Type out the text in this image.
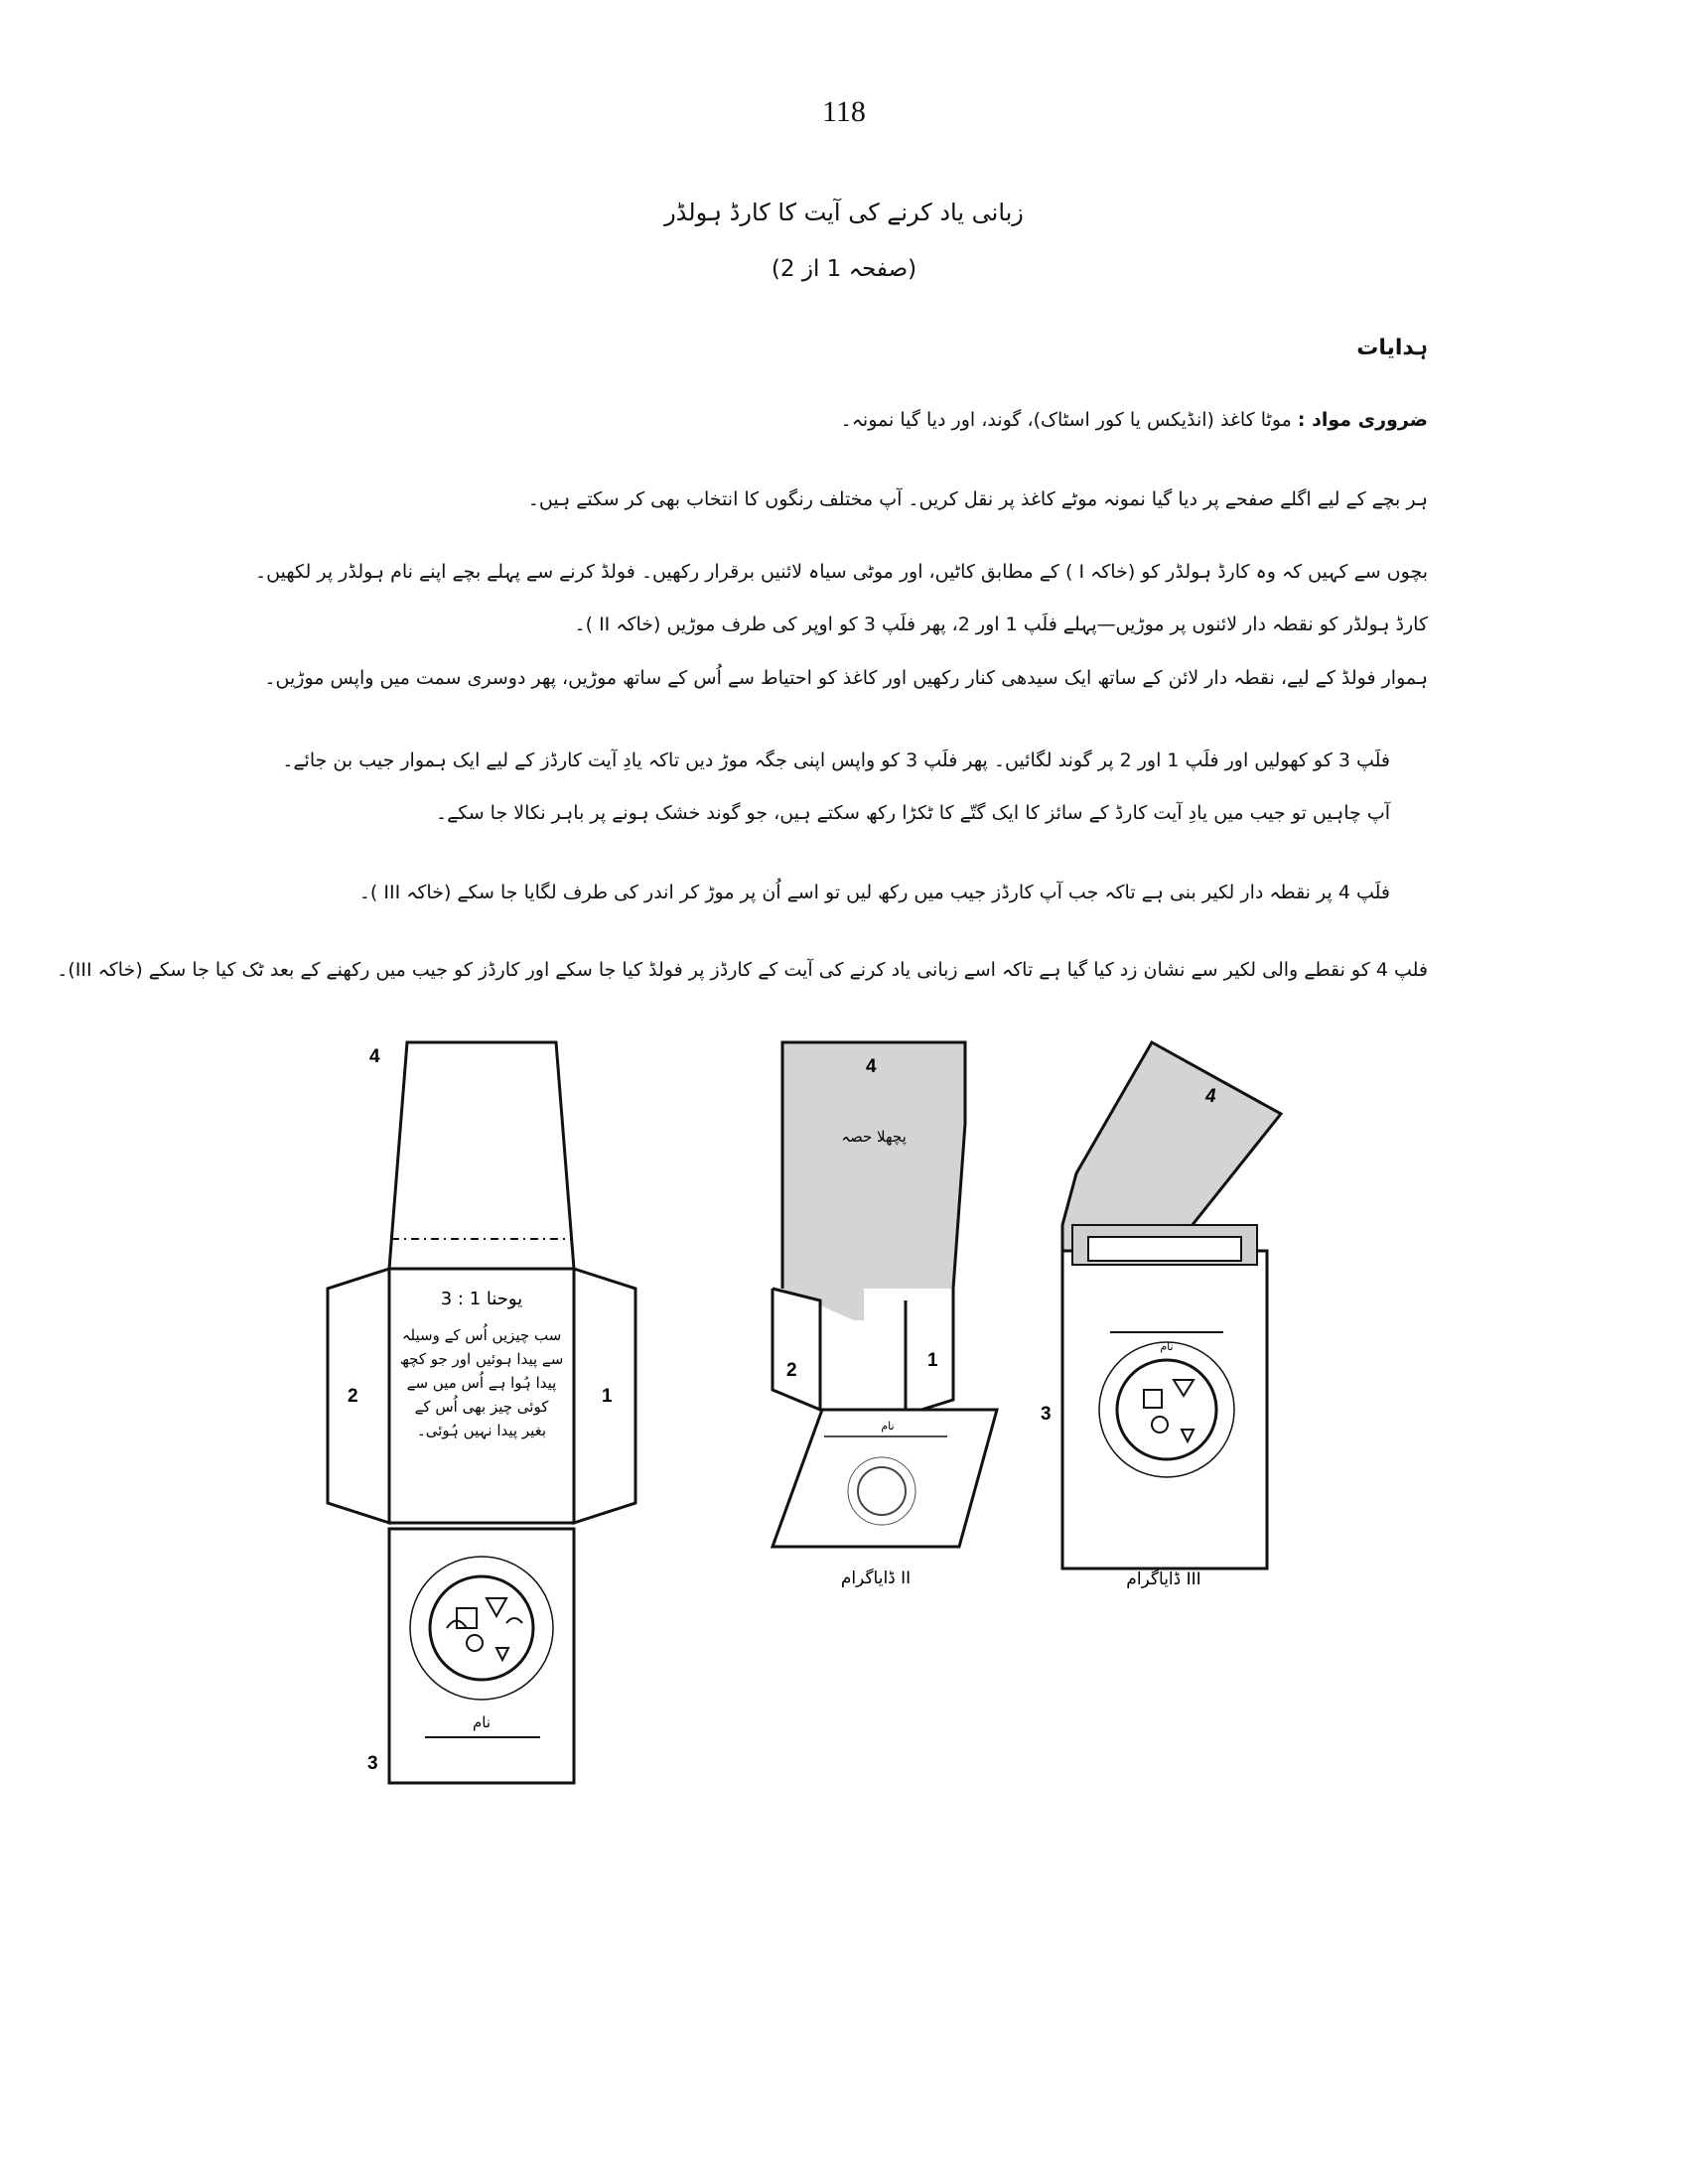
118
زبانی یاد کرنے کی آیت کا کارڈ ہولڈر
(صفحہ 1 از 2)
ہدایات
ضروری مواد : موٹا کاغذ (انڈیکس یا کور اسٹاک)، گوند، اور دیا گیا نمونہ۔
ہر بچے کے لیے اگلے صفحے پر دیا گیا نمونہ موٹے کاغذ پر نقل کریں۔ آپ مختلف رنگوں کا انتخاب بھی کر سکتے ہیں۔
بچوں سے کہیں کہ وہ کارڈ ہولڈر کو (خاکہ I ) کے مطابق کاٹیں، اور موٹی سیاہ لائنیں برقرار رکھیں۔ فولڈ کرنے سے پہلے بچے اپنے نام ہولڈر پر لکھیں۔
کارڈ ہولڈر کو نقطہ دار لائنوں پر موڑیں—پہلے فلَپ 1 اور 2، پھر فلَپ 3 کو اوپر کی طرف موڑیں (خاکہ II )۔
ہموار فولڈ کے لیے، نقطہ دار لائن کے ساتھ ایک سیدھی کنار رکھیں اور کاغذ کو احتیاط سے اُس کے ساتھ موڑیں، پھر دوسری سمت میں واپس موڑیں۔
فلَپ 3 کو کھولیں اور فلَپ 1 اور 2 پر گوند لگائیں۔ پھر فلَپ 3 کو واپس اپنی جگہ موڑ دیں تاکہ یادِ آیت کارڈز کے لیے ایک ہموار جیب بن جائے۔
آپ چاہیں تو جیب میں یادِ آیت کارڈ کے سائز کا ایک گتّے کا ٹکڑا رکھ سکتے ہیں، جو گوند خشک ہونے پر باہر نکالا جا سکے۔
فلَپ 4 پر نقطہ دار لکیر بنی ہے تاکہ جب آپ کارڈز جیب میں رکھ لیں تو اسے اُن پر موڑ کر اندر کی طرف لگایا جا سکے (خاکہ III )۔
فلپ 4 کو نقطے والی لکیر سے نشان زد کیا گیا ہے تاکہ اسے زبانی یاد کرنے کی آیت کے کارڈز پر فولڈ کیا جا سکے اور کارڈز کو جیب میں رکھنے کے بعد ٹک کیا جا سکے (خاکہ III)۔
4
2	1
3
یوحنا 1 : 3
سب چیزیں اُس کے وسیلہ
سے پیدا ہوئیں اور جو کچھ
پیدا ہُوا ہے اُس میں سے
کوئی چیز بھی اُس کے
بغیر پیدا نہیں ہُوئی۔
نام
4
پچھلا حصہ
2	1
نام
ڈایاگرام II
4
3
نام
ڈایاگرام III
